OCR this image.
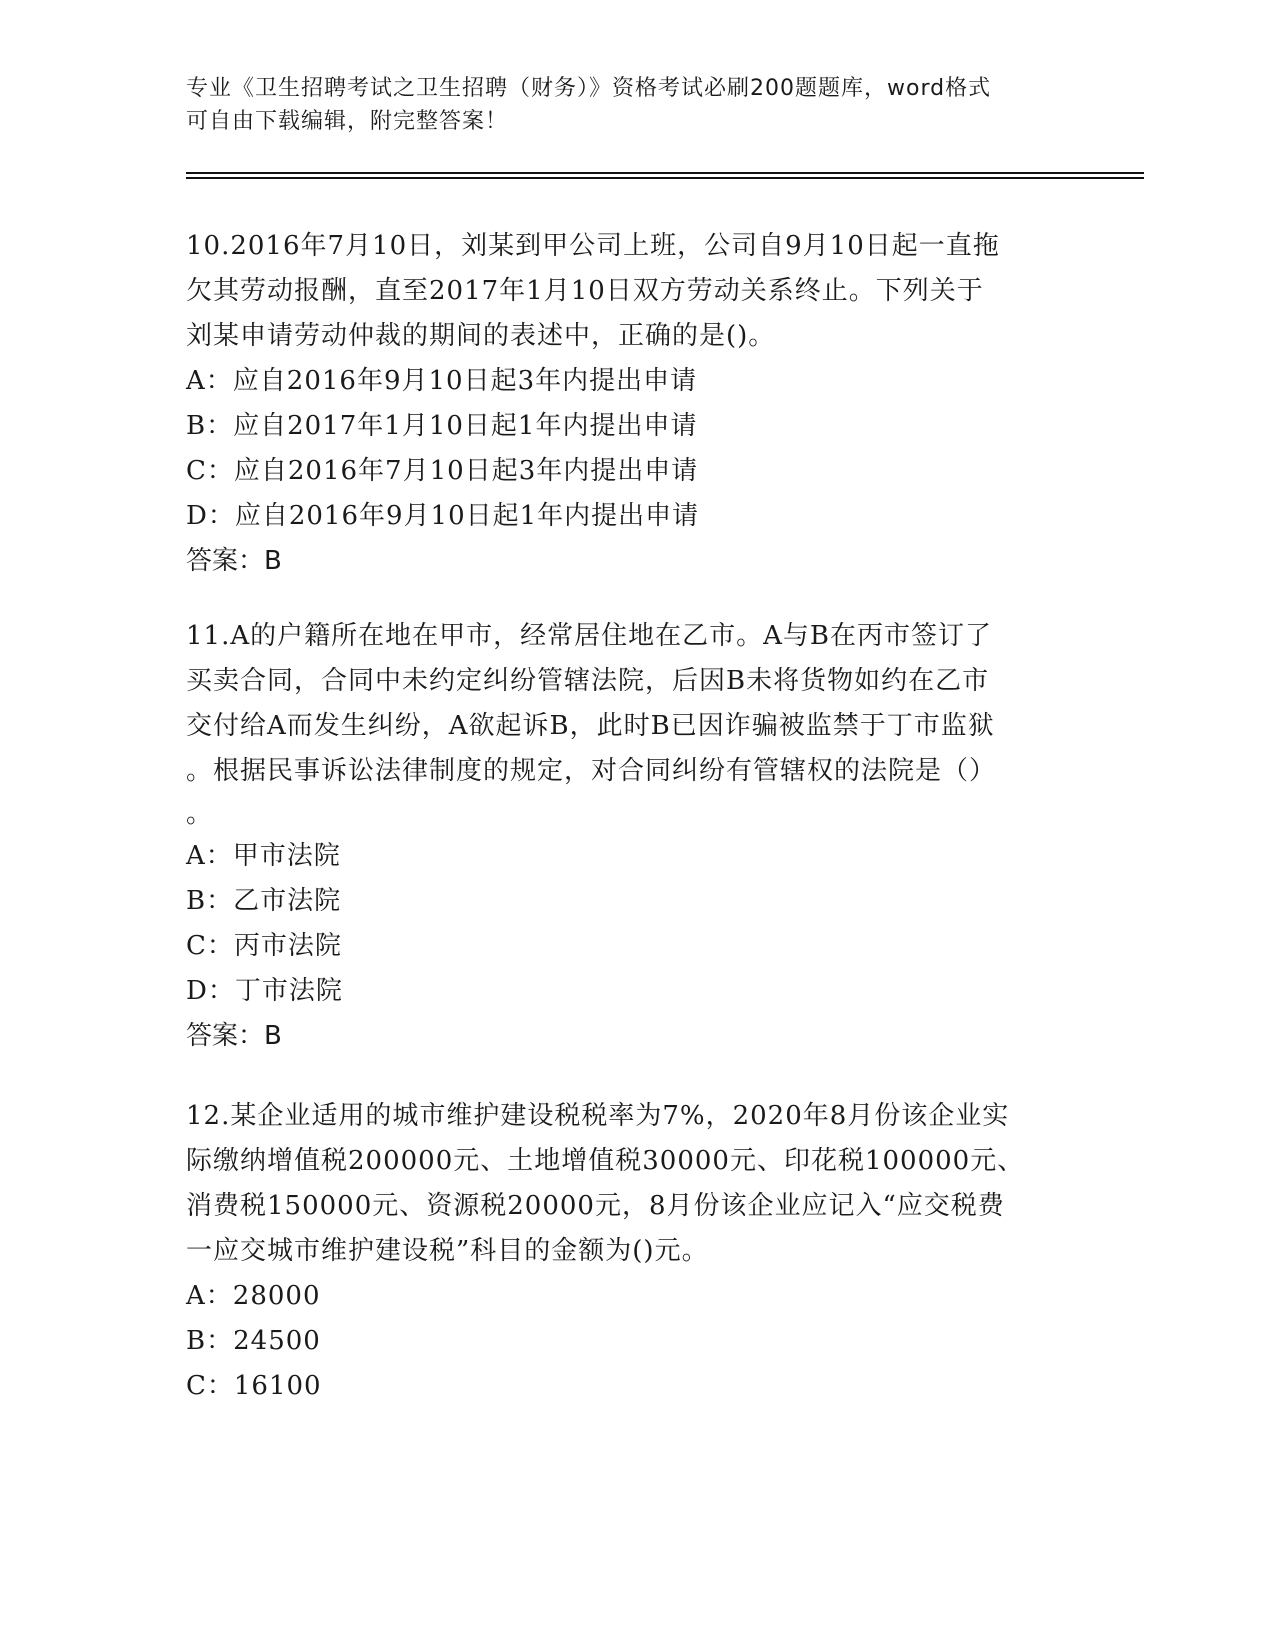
专业《卫生招聘考试之卫生招聘（财务）》资格考试必刷200题题库，word格式
可自由下载编辑，附完整答案！
10.2016年7月10日，刘某到甲公司上班，公司自9月10日起一直拖
欠其劳动报酬，直至2017年1月10日双方劳动关系终止。下列关于
刘某申请劳动仲裁的期间的表述中，正确的是()。
A：应自2016年9月10日起3年内提出申请
B：应自2017年1月10日起1年内提出申请
C：应自2016年7月10日起3年内提出申请
D：应自2016年9月10日起1年内提出申请
答案：B
11.A的户籍所在地在甲市，经常居住地在乙市。A与B在丙市签订了
买卖合同，合同中未约定纠纷管辖法院，后因B未将货物如约在乙市
交付给A而发生纠纷，A欲起诉B，此时B已因诈骗被监禁于丁市监狱
。根据民事诉讼法律制度的规定，对合同纠纷有管辖权的法院是（）
。
A：甲市法院
B：乙市法院
C：丙市法院
D：丁市法院
答案：B
12.某企业适用的城市维护建设税税率为7%，2020年8月份该企业实
际缴纳增值税200000元、土地增值税30000元、印花税100000元、
消费税150000元、资源税20000元，8月份该企业应记入“应交税费
一应交城市维护建设税”科目的金额为()元。
A：28000
B：24500
C：16100
